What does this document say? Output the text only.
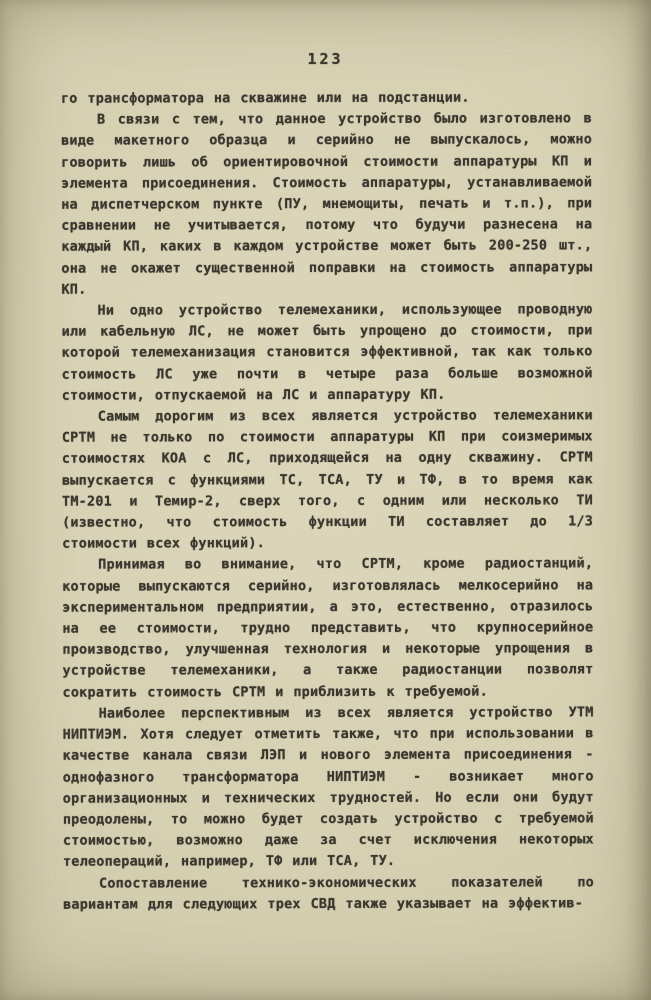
123

го трансформатора на скважине или на подстанции.

В связи с тем, что данное устройство было изготовлено в виде макетного образца и серийно не выпускалось, можно говорить лишь об ориентировочной стоимости аппаратуры КП и элемента присоединения. Стоимость аппаратуры, устанавливаемой на диспетчерском пункте (ПУ, мнемощиты, печать и т.п.), при сравнении не учитывается, потому что будучи разнесена на каждый КП, каких в каждом устройстве может быть 200-250 шт., она не окажет существенной поправки на стоимость аппаратуры КП.

Ни одно устройство телемеханики, использующее проводную или кабельную ЛС, не может быть упрощено до стоимости, при которой телемеханизация становится эффективной, так как только стоимость ЛС уже почти в четыре раза больше возможной стоимости, отпускаемой на ЛС и аппаратуру КП.

Самым дорогим из всех является устройство телемеханики СРТМ не только по стоимости аппаратуры КП при соизмеримых стоимостях КОА с ЛС, приходящейся на одну скважину. СРТМ выпускается с функциями ТС, ТСА, ТУ и ТФ, в то время как ТМ-201 и Темир-2, сверх того, с одним или несколько ТИ (известно, что стоимость функции ТИ составляет до 1/3 стоимости всех функций).

Принимая во внимание, что СРТМ, кроме радиостанций, которые выпускаются серийно, изготовлялась мелкосерийно на экспериментальном предприятии, а это, естественно, отразилось на ее стоимости, трудно представить, что крупносерийное производство, улучшенная технология и некоторые упрощения в устройстве телемеханики, а также радиостанции позволят сократить стоимость СРТМ и приблизить к требуемой.

Наиболее перспективным из всех является устройство УТМ НИПТИЭМ. Хотя следует отметить также, что при использовании в качестве канала связи ЛЭП и нового элемента присоединения - однофазного трансформатора НИПТИЭМ - возникает много организационных и технических трудностей. Но если они будут преодолены, то можно будет создать устройство с требуемой стоимостью, возможно даже за счет исключения некоторых телеопераций, например, ТФ или ТСА, ТУ.

Сопоставление технико-экономических показателей по вариантам для следующих трех СВД также указывает на эффектив-
